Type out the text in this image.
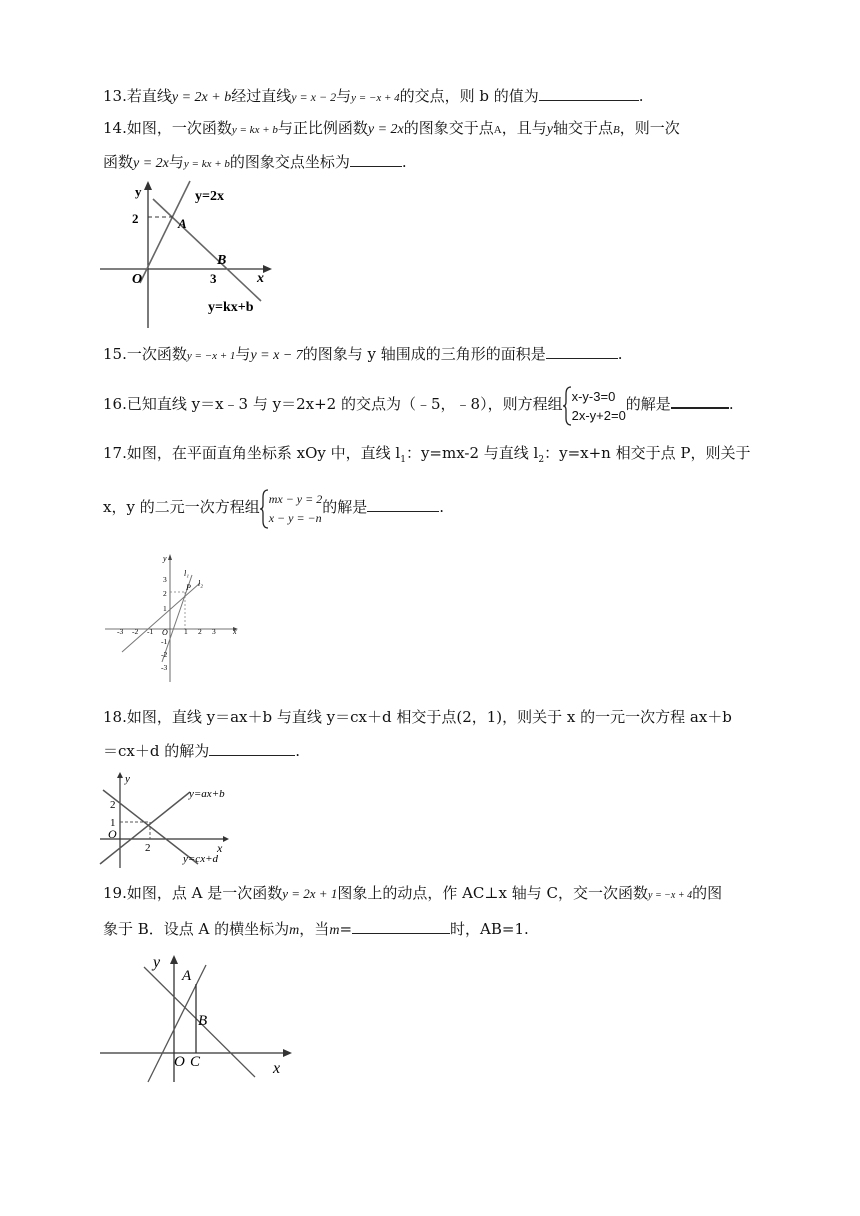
13.若直线y = 2x + b经过直线y = x − 2与y = −x + 4的交点，则 b 的值为	.
14.如图，一次函数y = kx + b与正比例函数y = 2x的图象交于点A，且与y轴交于点B，则一次
函数y = 2x与y = kx + b的图象交点坐标为	.
y
x
O
2
3
A
B
y=2x
y=kx+b
15.一次函数y = −x + 1与y = x − 7的图象与 y 轴围成的三角形的面积是	.
16.已知直线 y＝x﹣3 与 y＝2x+2 的交点为（﹣5，﹣8），则方程组 x-y-3=0
2x-y+2=0的解是	.
17.如图，在平面直角坐标系 xOy 中，直线 $l_1$：y=mx-2 与直线 $l_2$：y=x+n 相交于点 P，则关于
x，y 的二元一次方程组 mx − y = 2
x − y = −n的解是	.
y
x
O
P
l₁
l₂
-3 -2 -1	1 2 3
3
2
1
-1
-2
-3
18.如图，直线 y＝ax＋b 与直线 y＝cx＋d 相交于点(2，1)，则关于 x 的一元一次方程 ax＋b
＝cx＋d 的解为	.
y
x
O
2
1
2
y=ax+b
y=cx+d
19.如图，点 A 是一次函数y = 2x + 1图象上的动点，作 AC⊥x 轴与 C，交一次函数y = −x + 4的图
象于 B．设点 A 的横坐标为m，当m=	时，AB=1.
y
x
O C
A
B
